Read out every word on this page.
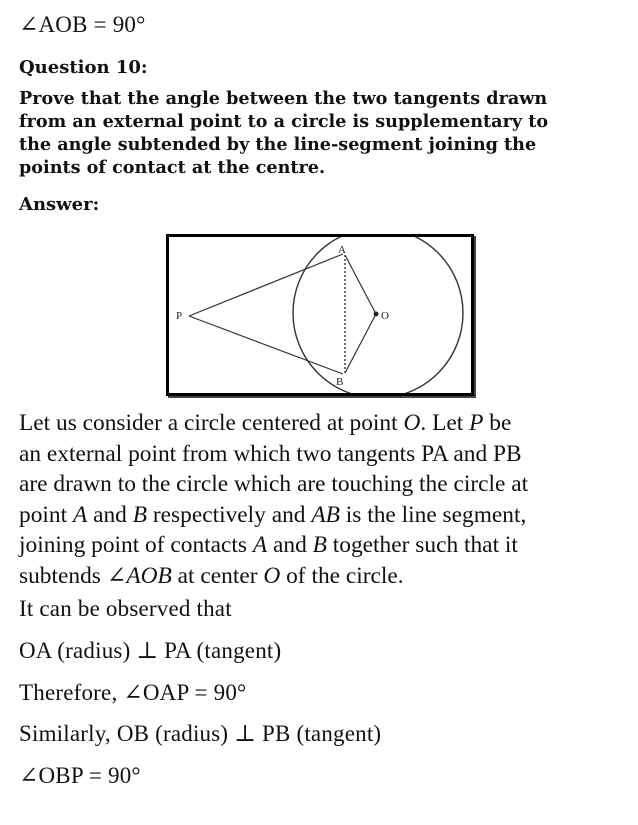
∠AOB = 90°
Question 10:
Prove that the angle between the two tangents drawn
from an external point to a circle is supplementary to
the angle subtended by the line-segment joining the
points of contact at the centre.
Answer:
A
B
P	O
Let us consider a circle centered at point O. Let P be
an external point from which two tangents PA and PB
are drawn to the circle which are touching the circle at
point A and B respectively and AB is the line segment,
joining point of contacts A and B together such that it
subtends ∠AOB at center O of the circle.
It can be observed that
OA (radius) ⊥ PA (tangent)
Therefore, ∠OAP = 90°
Similarly, OB (radius) ⊥ PB (tangent)
∠OBP = 90°
